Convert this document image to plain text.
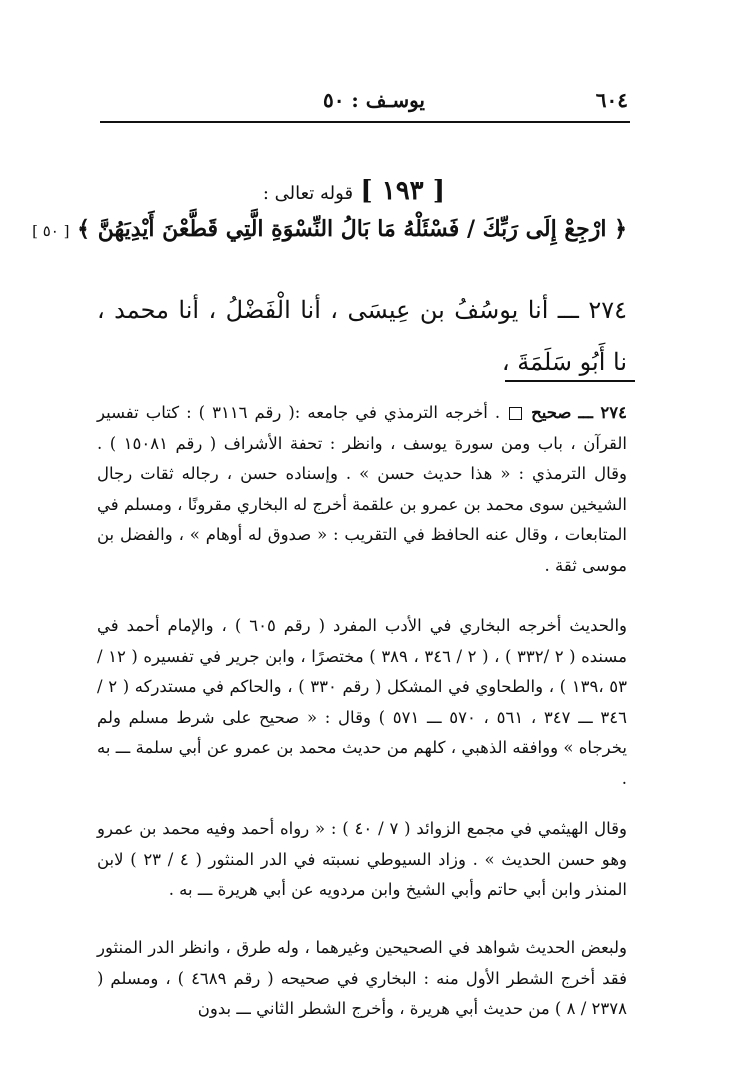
٦٠٤
يوسـف : ٥٠
[ ١٩٣ ] قوله تعالى :
﴿ ارْجِعْ إِلَى رَبِّكَ / فَسْئَلْهُ مَا بَالُ النِّسْوَةِ الَّتِي قَطَّعْنَ أَيْدِيَهُنَّ ﴾ [ ٥٠ ]
٢٧٤ ـــ أنا يوسُفُ بن عِيسَى ، أنا الْفَضْلُ ، أنا محمد ، نا أَبُو سَلَمَةَ ،
٢٧٤ ـــ صحيح  . أخرجه الترمذي في جامعه :( رقم ٣١١٦ ) : كتاب تفسير القرآن ، باب ومن سورة يوسف ، وانظر : تحفة الأشراف ( رقم ١٥٠٨١ ) . وقال الترمذي : « هذا حديث حسن » . وإسناده حسن ، رجاله ثقات رجال الشيخين سوى محمد بن عمرو بن علقمة أخرج له البخاري مقرونًا ، ومسلم في المتابعات ، وقال عنه الحافظ في التقريب : « صدوق له أوهام » ، والفضل بن موسى ثقة .
والحديث أخرجه البخاري في الأدب المفرد ( رقم ٦٠٥ ) ، والإمام أحمد في مسنده ( ٢ /٣٣٢ ) ، ( ٢ / ٣٤٦ ، ٣٨٩ ) مختصرًا ، وابن جرير في تفسيره ( ١٢ / ٥٣ ،١٣٩ ) ، والطحاوي في المشكل ( رقم ٣٣٠ ) ، والحاكم في مستدركه ( ٢ / ٣٤٦ ـــ ٣٤٧ ، ٥٦١ ، ٥٧٠ ـــ ٥٧١ ) وقال : « صحيح على شرط مسلم ولم يخرجاه » ووافقه الذهبي ، كلهم من حديث محمد بن عمرو عن أبي سلمة ـــ به .
وقال الهيثمي في مجمع الزوائد ( ٧ / ٤٠ ) : « رواه أحمد وفيه محمد بن عمرو وهو حسن الحديث » . وزاد السيوطي نسبته في الدر المنثور ( ٤ / ٢٣ ) لابن المنذر وابن أبي حاتم وأبي الشيخ وابن مردويه عن أبي هريرة ـــ به .
ولبعض الحديث شواهد في الصحيحين وغيرهما ، وله طرق ، وانظر الدر المنثور فقد أخرج الشطر الأول منه : البخاري في صحيحه ( رقم ٤٦٨٩ ) ، ومسلم ( ٢٣٧٨ / ٨ ) من حديث أبي هريرة ، وأخرج الشطر الثاني ـــ بدون
